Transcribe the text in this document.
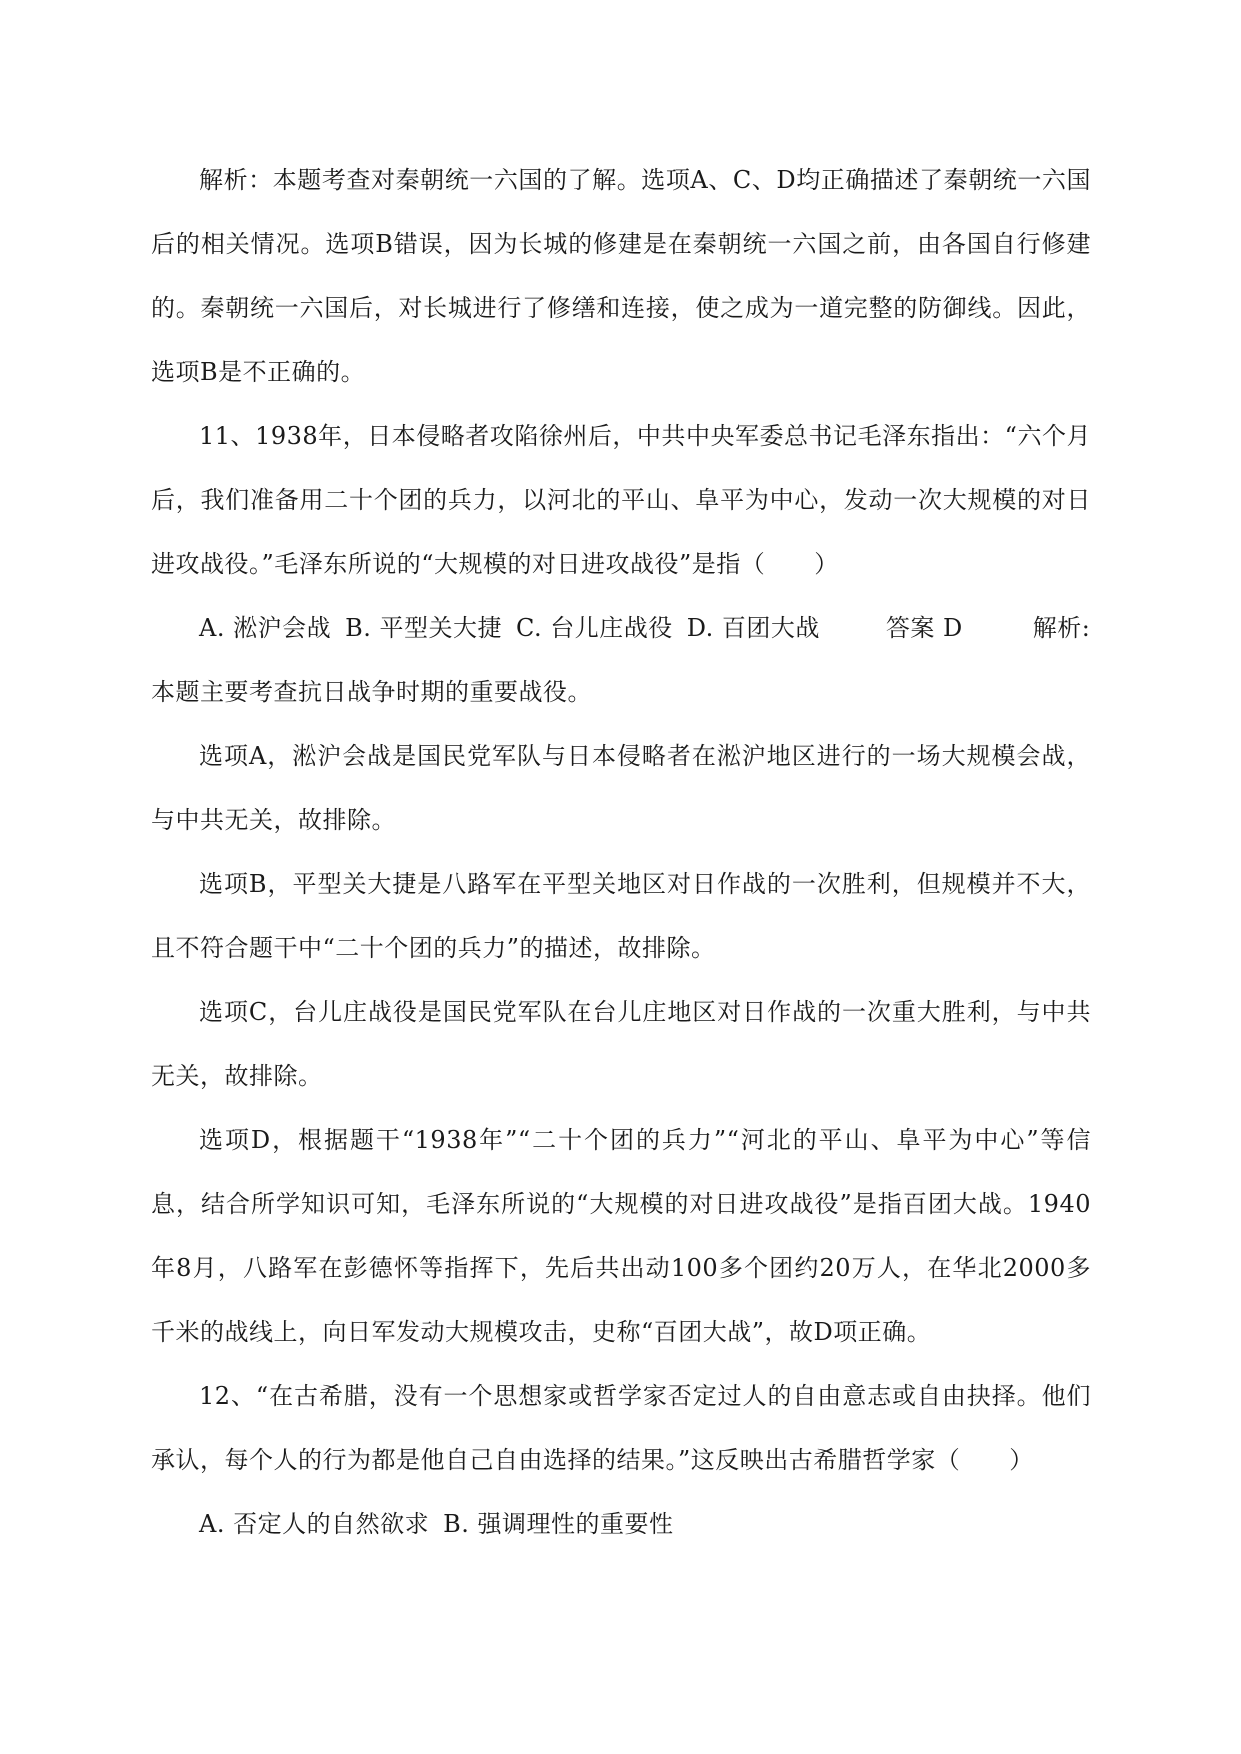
解析：本题考查对秦朝统一六国的了解。选项A、C、D均正确描述了秦朝统一六国后的相关情况。选项B错误，因为长城的修建是在秦朝统一六国之前，由各国自行修建的。秦朝统一六国后，对长城进行了修缮和连接，使之成为一道完整的防御线。因此，选项B是不正确的。

11、1938年，日本侵略者攻陷徐州后，中共中央军委总书记毛泽东指出：“六个月后，我们准备用二十个团的兵力，以河北的平山、阜平为中心，发动一次大规模的对日进攻战役。”毛泽东所说的“大规模的对日进攻战役”是指（　　）

A. 淞沪会战 B. 平型关大捷 C. 台儿庄战役 D. 百团大战	答案 D	解析:本题主要考查抗日战争时期的重要战役。

选项A，淞沪会战是国民党军队与日本侵略者在淞沪地区进行的一场大规模会战，与中共无关，故排除。

选项B，平型关大捷是八路军在平型关地区对日作战的一次胜利，但规模并不大，且不符合题干中“二十个团的兵力”的描述，故排除。

选项C，台儿庄战役是国民党军队在台儿庄地区对日作战的一次重大胜利，与中共无关，故排除。

选项D，根据题干“1938年”“二十个团的兵力”“河北的平山、阜平为中心”等信息，结合所学知识可知，毛泽东所说的“大规模的对日进攻战役”是指百团大战。1940年8月，八路军在彭德怀等指挥下，先后共出动100多个团约20万人，在华北2000多千米的战线上，向日军发动大规模攻击，史称“百团大战”，故D项正确。

12、“在古希腊，没有一个思想家或哲学家否定过人的自由意志或自由抉择。他们承认，每个人的行为都是他自己自由选择的结果。”这反映出古希腊哲学家（　　）

A. 否定人的自然欲求 B. 强调理性的重要性
